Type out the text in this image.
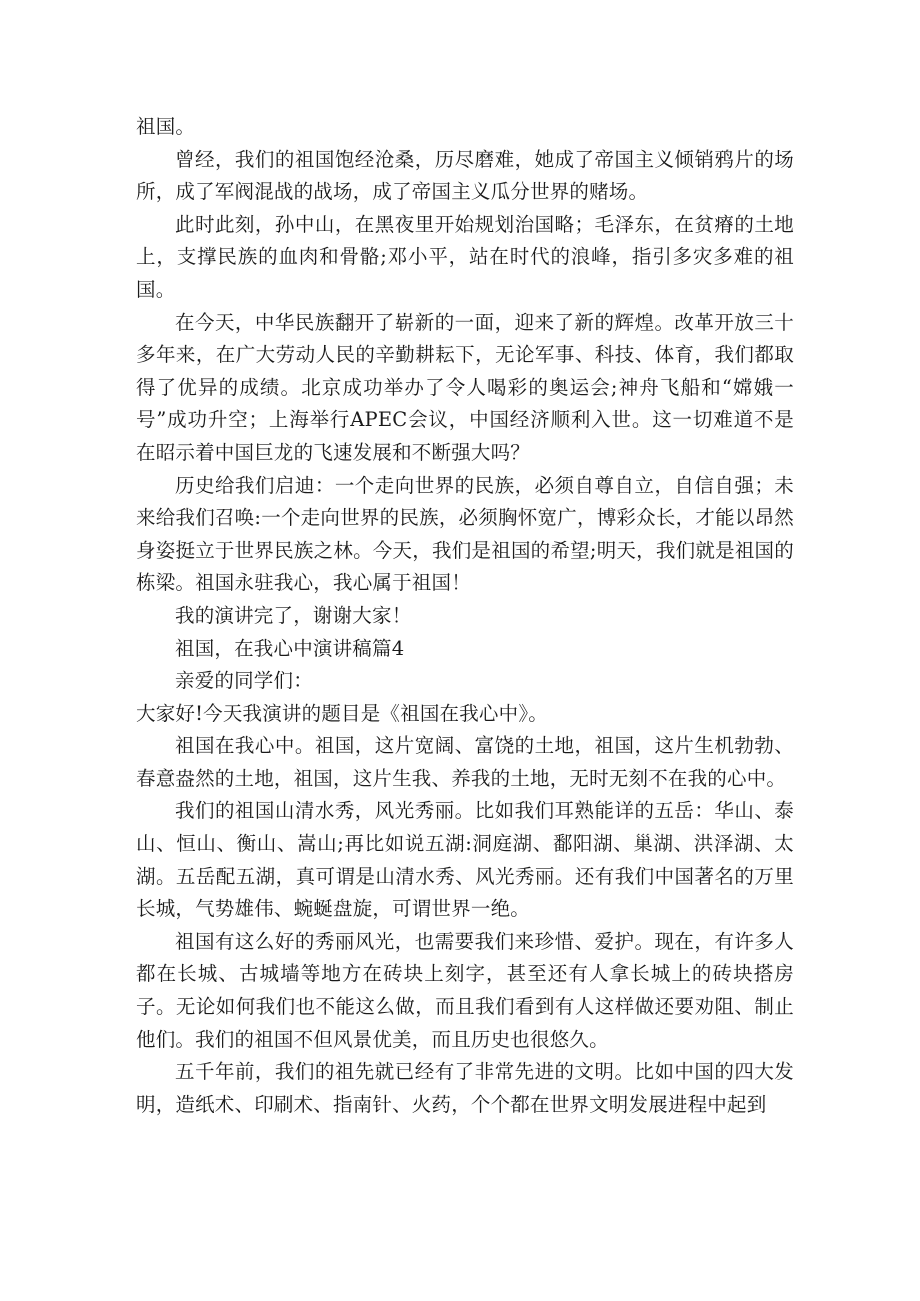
祖国。

曾经，我们的祖国饱经沧桑，历尽磨难，她成了帝国主义倾销鸦片的场所，成了军阀混战的战场，成了帝国主义瓜分世界的赌场。

此时此刻，孙中山，在黑夜里开始规划治国略；毛泽东，在贫瘠的土地上，支撑民族的血肉和骨骼;邓小平，站在时代的浪峰，指引多灾多难的祖国。

在今天，中华民族翻开了崭新的一面，迎来了新的辉煌。改革开放三十多年来，在广大劳动人民的辛勤耕耘下，无论军事、科技、体育，我们都取得了优异的成绩。北京成功举办了令人喝彩的奥运会;神舟飞船和“嫦娥一号”成功升空；上海举行APEC会议，中国经济顺利入世。这一切难道不是在昭示着中国巨龙的飞速发展和不断强大吗？

历史给我们启迪：一个走向世界的民族，必须自尊自立，自信自强；未来给我们召唤:一个走向世界的民族，必须胸怀宽广，博彩众长，才能以昂然身姿挺立于世界民族之林。今天，我们是祖国的希望;明天，我们就是祖国的栋梁。祖国永驻我心，我心属于祖国！

我的演讲完了，谢谢大家！

祖国，在我心中演讲稿篇4

亲爱的同学们：

大家好!今天我演讲的题目是《祖国在我心中》。

祖国在我心中。祖国，这片宽阔、富饶的土地，祖国，这片生机勃勃、春意盎然的土地，祖国，这片生我、养我的土地，无时无刻不在我的心中。

我们的祖国山清水秀，风光秀丽。比如我们耳熟能详的五岳：华山、泰山、恒山、衡山、嵩山;再比如说五湖:洞庭湖、鄱阳湖、巢湖、洪泽湖、太湖。五岳配五湖，真可谓是山清水秀、风光秀丽。还有我们中国著名的万里长城，气势雄伟、蜿蜒盘旋，可谓世界一绝。

祖国有这么好的秀丽风光，也需要我们来珍惜、爱护。现在，有许多人都在长城、古城墙等地方在砖块上刻字，甚至还有人拿长城上的砖块搭房子。无论如何我们也不能这么做，而且我们看到有人这样做还要劝阻、制止他们。我们的祖国不但风景优美，而且历史也很悠久。

五千年前，我们的祖先就已经有了非常先进的文明。比如中国的四大发明，造纸术、印刷术、指南针、火药，个个都在世界文明发展进程中起到
